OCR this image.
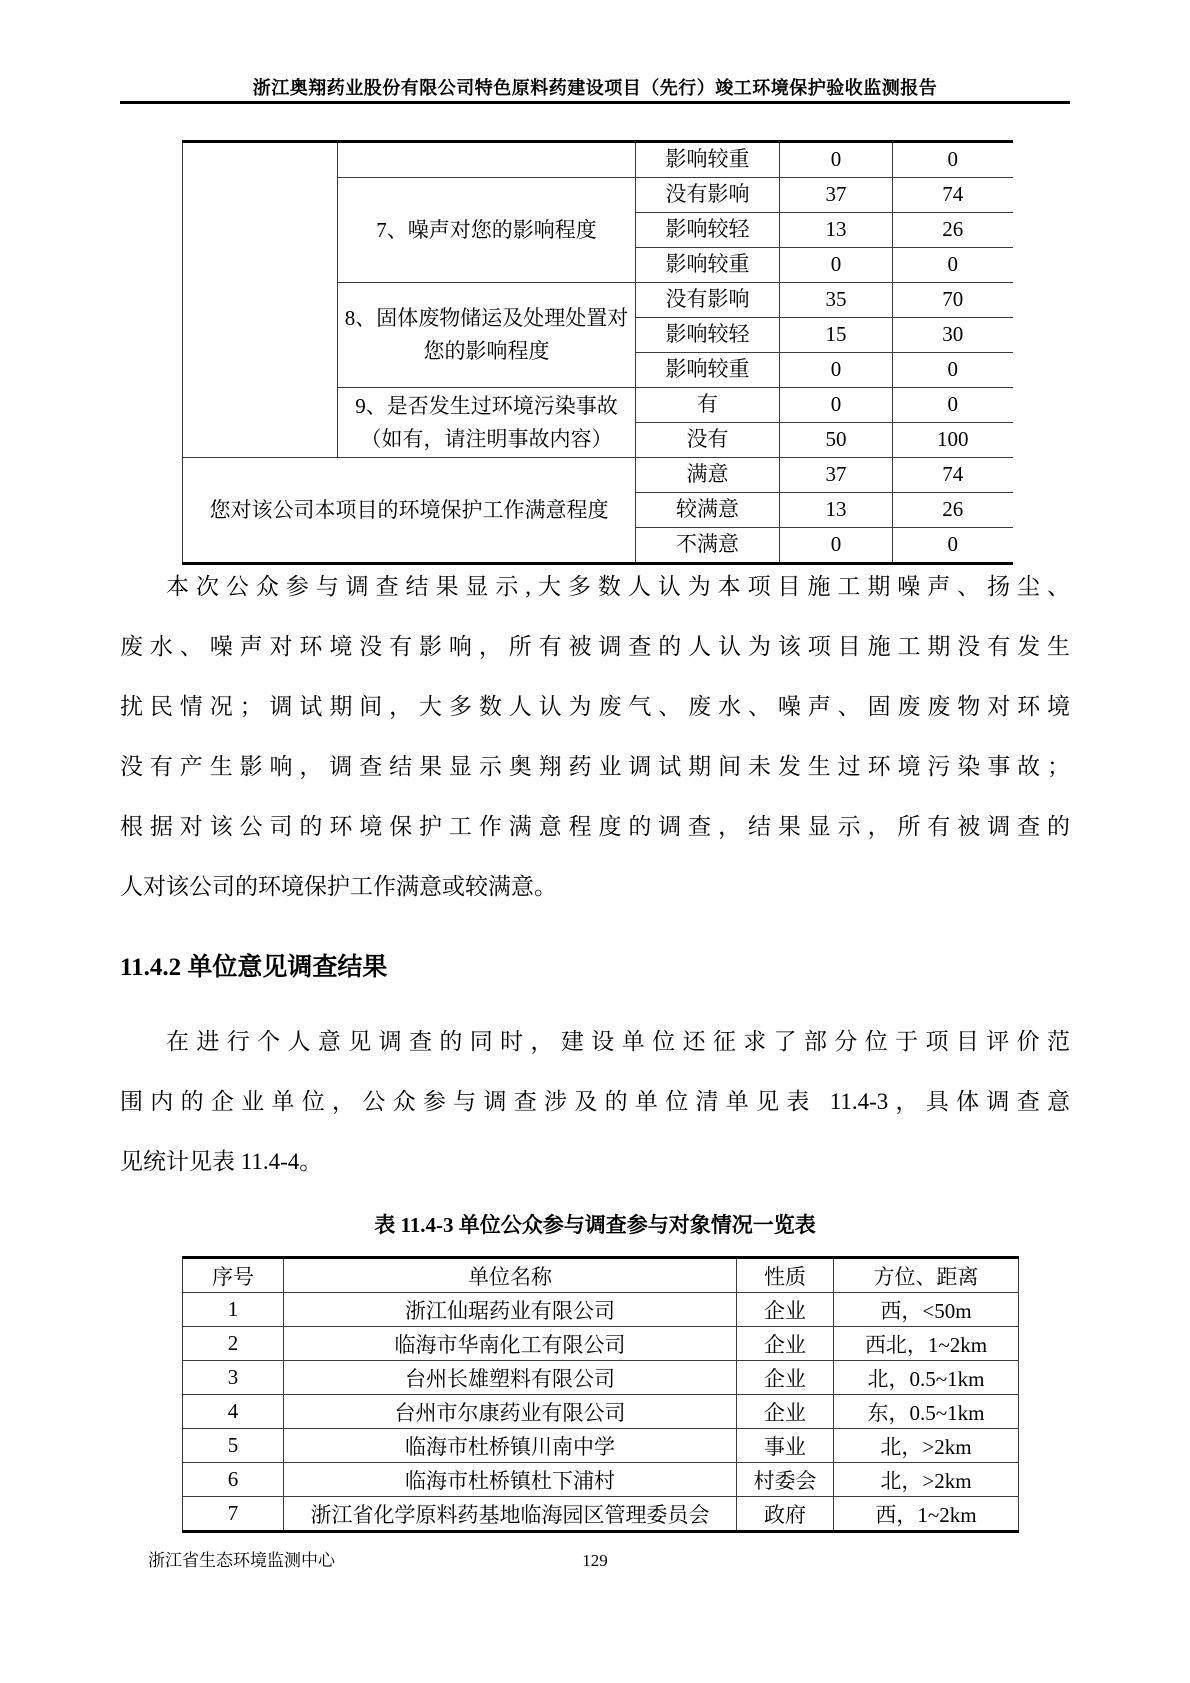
浙江奥翔药业股份有限公司特色原料药建设项目（先行）竣工环境保护验收监测报告
		影响较重	0	0
	7、噪声对您的影响程度	没有影响	37	74
		影响较轻	13	26
		影响较重	0	0
	8、固体废物储运及处理处置对您的影响程度	没有影响	35	70
		影响较轻	15	30
		影响较重	0	0
	9、是否发生过环境污染事故（如有，请注明事故内容）	有	0	0
		没有	50	100
您对该公司本项目的环境保护工作满意程度		满意	37	74
		较满意	13	26
		不满意	0	0
本次公众参与调查结果显示,大多数人认为本项目施工期噪声、扬尘、
废水、噪声对环境没有影响，所有被调查的人认为该项目施工期没有发生
扰民情况；调试期间，大多数人认为废气、废水、噪声、固废废物对环境
没有产生影响，调查结果显示奥翔药业调试期间未发生过环境污染事故；
根据对该公司的环境保护工作满意程度的调查，结果显示，所有被调查的
人对该公司的环境保护工作满意或较满意。
11.4.2 单位意见调查结果
在进行个人意见调查的同时，建设单位还征求了部分位于项目评价范
围内的企业单位，公众参与调查涉及的单位清单见表 11.4-3，具体调查意
见统计见表 11.4-4。
表 11.4-3 单位公众参与调查参与对象情况一览表
序号	单位名称	性质	方位、距离
1	浙江仙琚药业有限公司	企业	西，<50m
2	临海市华南化工有限公司	企业	西北，1~2km
3	台州长雄塑料有限公司	企业	北，0.5~1km
4	台州市尔康药业有限公司	企业	东，0.5~1km
5	临海市杜桥镇川南中学	事业	北，>2km
6	临海市杜桥镇杜下浦村	村委会	北，>2km
7	浙江省化学原料药基地临海园区管理委员会	政府	西，1~2km
浙江省生态环境监测中心	129
